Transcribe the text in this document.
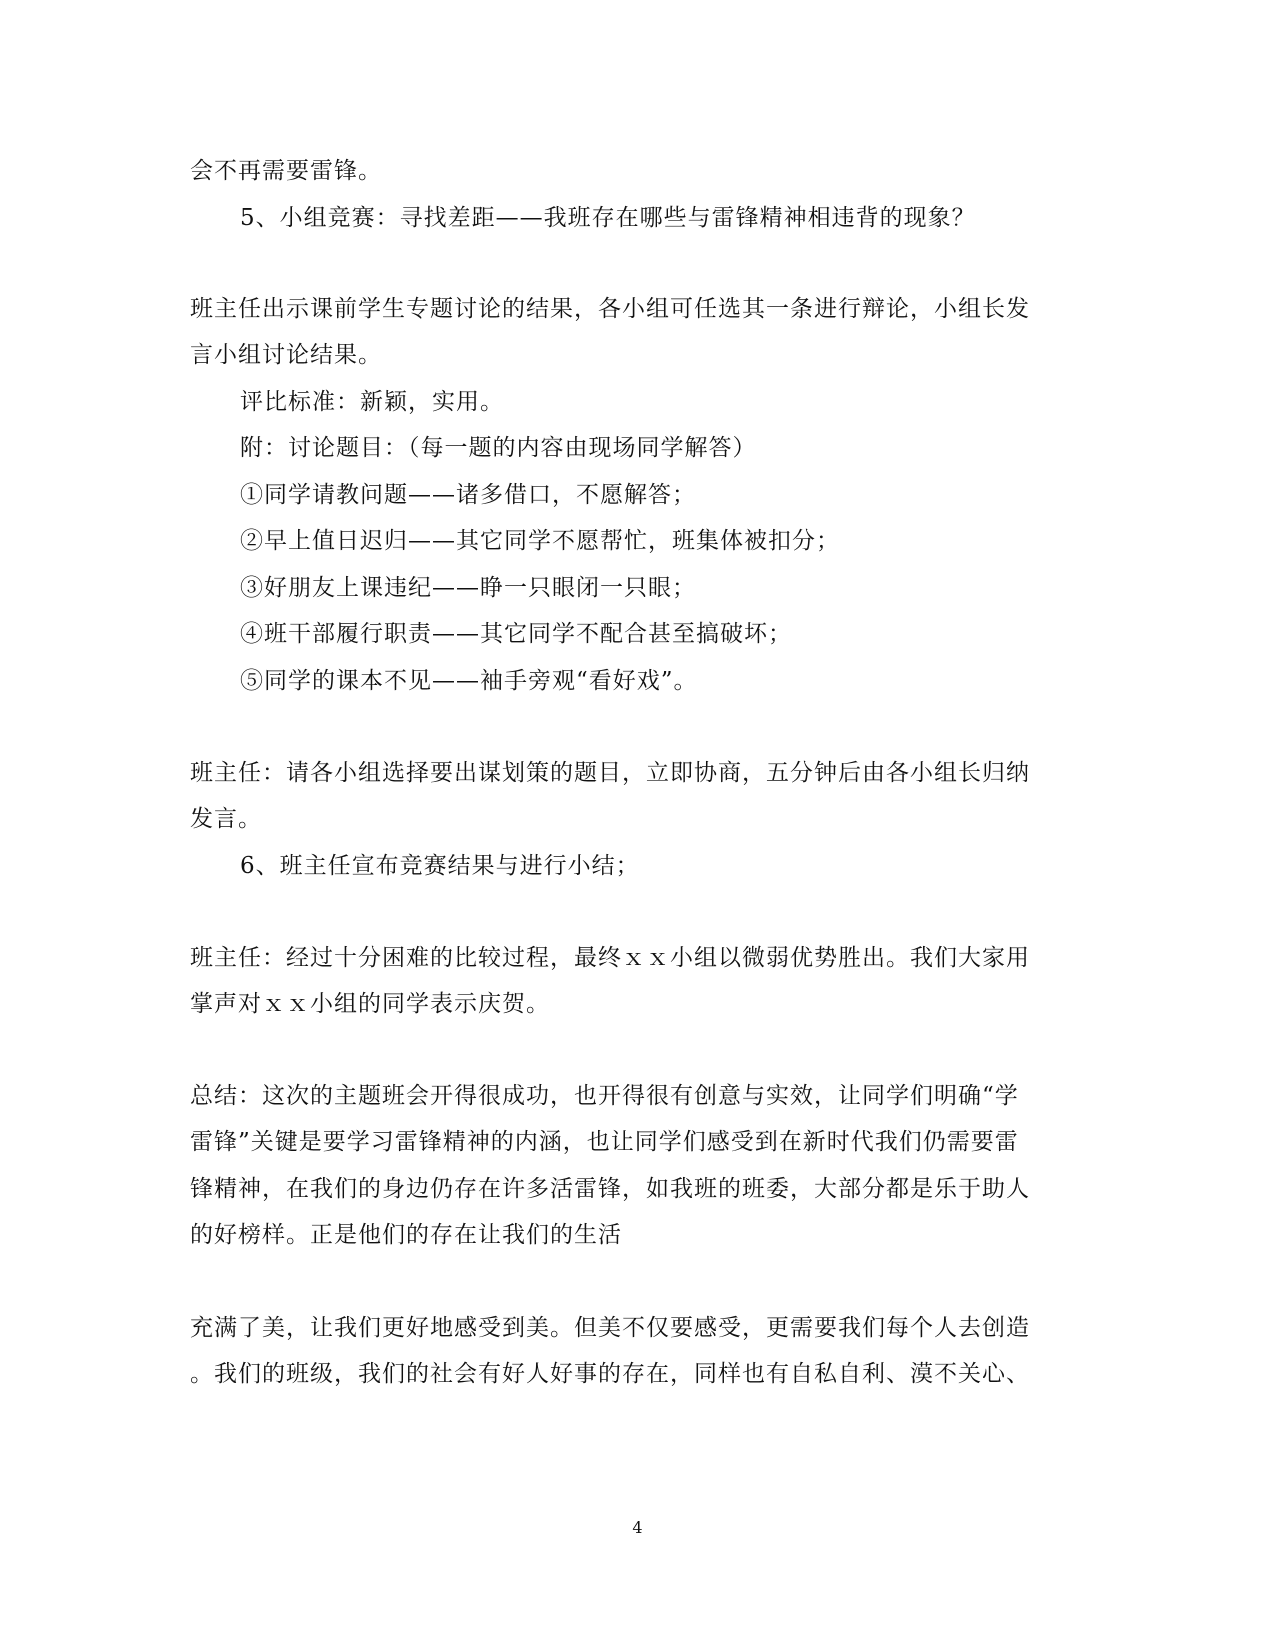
会不再需要雷锋。
5、小组竞赛：寻找差距——我班存在哪些与雷锋精神相违背的现象？
班主任出示课前学生专题讨论的结果，各小组可任选其一条进行辩论，小组长发
言小组讨论结果。
评比标准：新颖，实用。
附：讨论题目：（每一题的内容由现场同学解答）
①同学请教问题——诸多借口，不愿解答；
②早上值日迟归——其它同学不愿帮忙，班集体被扣分；
③好朋友上课违纪——睁一只眼闭一只眼；
④班干部履行职责——其它同学不配合甚至搞破坏；
⑤同学的课本不见——袖手旁观“看好戏”。
班主任：请各小组选择要出谋划策的题目，立即协商，五分钟后由各小组长归纳
发言。
6、班主任宣布竞赛结果与进行小结；
班主任：经过十分困难的比较过程，最终ｘｘ小组以微弱优势胜出。我们大家用
掌声对ｘｘ小组的同学表示庆贺。
总结：这次的主题班会开得很成功，也开得很有创意与实效，让同学们明确“学
雷锋”关键是要学习雷锋精神的内涵，也让同学们感受到在新时代我们仍需要雷
锋精神，在我们的身边仍存在许多活雷锋，如我班的班委，大部分都是乐于助人
的好榜样。正是他们的存在让我们的生活
充满了美，让我们更好地感受到美。但美不仅要感受，更需要我们每个人去创造
。我们的班级，我们的社会有好人好事的存在，同样也有自私自利、漠不关心、
4
